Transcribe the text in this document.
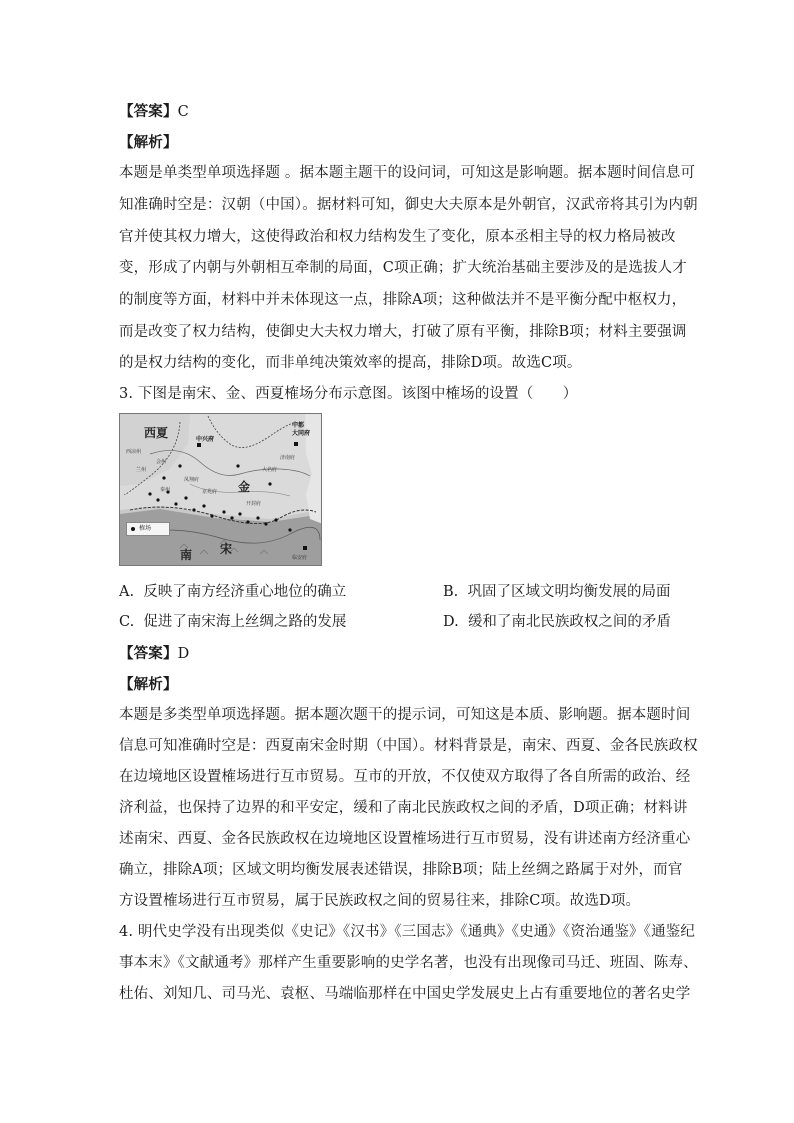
【答案】C
【解析】
本题是单类型单项选择题 。据本题主题干的设问词，可知这是影响题。据本题时间信息可
知准确时空是：汉朝（中国）。据材料可知，御史大夫原本是外朝官，汉武帝将其引为内朝
官并使其权力增大，这使得政治和权力结构发生了变化，原本丞相主导的权力格局被改
变，形成了内朝与外朝相互牵制的局面，C项正确；扩大统治基础主要涉及的是选拔人才
的制度等方面，材料中并未体现这一点，排除A项；这种做法并不是平衡分配中枢权力，
而是改变了权力结构，使御史大夫权力增大，打破了原有平衡，排除B项；材料主要强调
的是权力结构的变化，而非单纯决策效率的提高，排除D项。故选C项。
3. 下图是南宋、金、西夏榷场分布示意图。该图中榷场的设置（　　）
西夏
金
南 宋
中兴府
中都
大同府
西凉州
会州
兰州
秦州
凤翔府
京兆府
开封府
大名府
济南府
临安府
榷场
A. 反映了南方经济重心地位的确立	B. 巩固了区域文明均衡发展的局面
C. 促进了南宋海上丝绸之路的发展	D. 缓和了南北民族政权之间的矛盾
【答案】D
【解析】
本题是多类型单项选择题。据本题次题干的提示词，可知这是本质、影响题。据本题时间
信息可知准确时空是：西夏南宋金时期（中国）。材料背景是，南宋、西夏、金各民族政权
在边境地区设置榷场进行互市贸易。互市的开放，不仅使双方取得了各自所需的政治、经
济利益，也保持了边界的和平安定，缓和了南北民族政权之间的矛盾，D项正确；材料讲
述南宋、西夏、金各民族政权在边境地区设置榷场进行互市贸易，没有讲述南方经济重心
确立，排除A项；区域文明均衡发展表述错误，排除B项；陆上丝绸之路属于对外，而官
方设置榷场进行互市贸易，属于民族政权之间的贸易往来，排除C项。故选D项。
4. 明代史学没有出现类似《史记》《汉书》《三国志》《通典》《史通》《资治通鉴》《通鉴纪
事本末》《文献通考》那样产生重要影响的史学名著，也没有出现像司马迁、班固、陈寿、
杜佑、刘知几、司马光、袁枢、马端临那样在中国史学发展史上占有重要地位的著名史学
